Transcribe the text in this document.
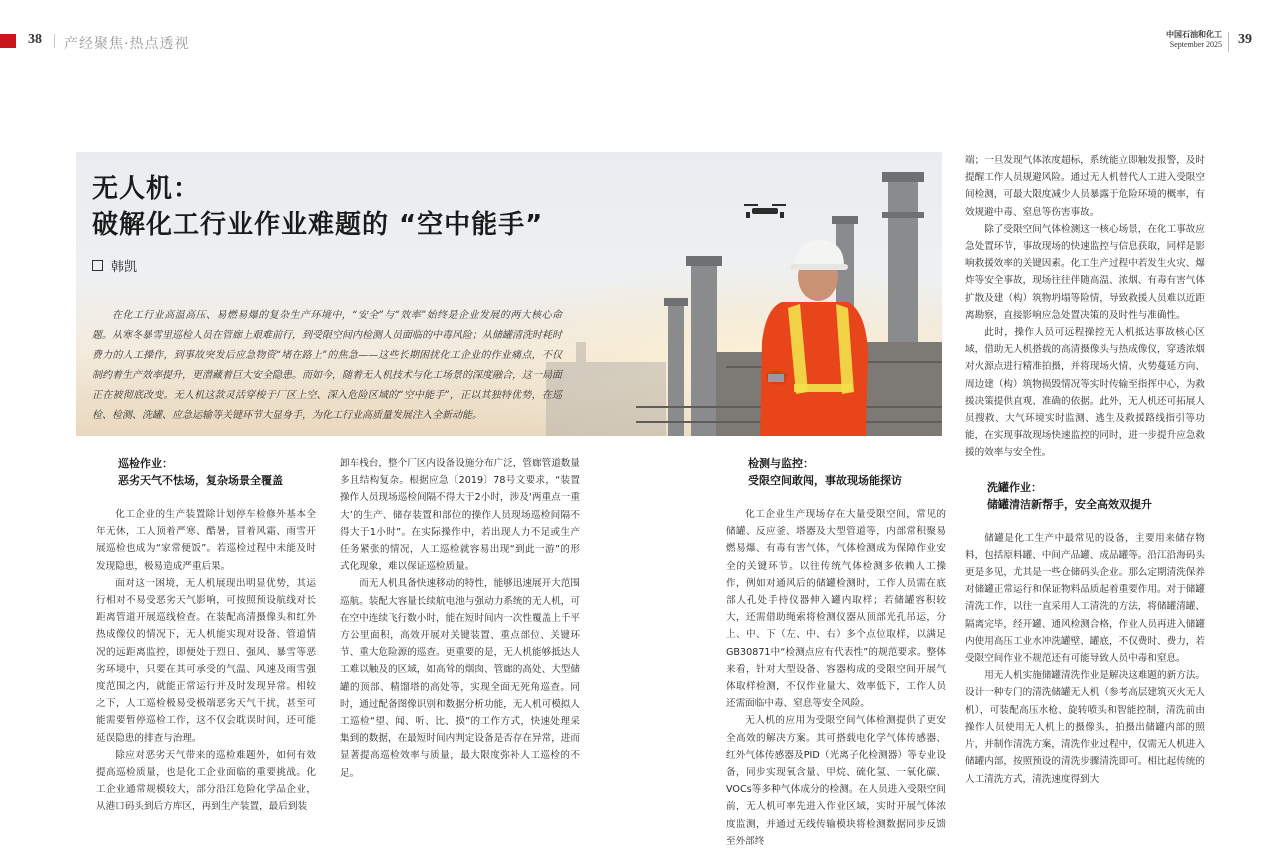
38 产经聚焦·热点透视
中国石油和化工
September 2025 39
无人机：
破解化工行业作业难题的 “空中能手”
韩凯
在化工行业高温高压、易燃易爆的复杂生产环境中，“安全”与“效率”始终是企业发展的两大核心命题。从寒冬暴雪里巡检人员在管廊上艰难前行，到受限空间内检测人员面临的中毒风险；从储罐清洗时耗时费力的人工操作，到事故突发后应急物资“堵在路上”的焦急——这些长期困扰化工企业的作业痛点，不仅制约着生产效率提升，更潜藏着巨大安全隐患。而如今，随着无人机技术与化工场景的深度融合，这一局面正在被彻底改变。无人机这款灵活穿梭于厂区上空、深入危险区域的“空中能手”，正以其独特优势，在巡检、检测、洗罐、应急运输等关键环节大显身手，为化工行业高质量发展注入全新动能。

巡检作业：

恶劣天气不怯场，复杂场景全覆盖

化工企业的生产装置除计划停车检修外基本全年无休，工人顶着严寒、酷暑，冒着风霜、雨雪开展巡检也成为“家常便饭”。若巡检过程中未能及时发现隐患，极易造成严重后果。

面对这一困境，无人机展现出明显优势，其运行相对不易受恶劣天气影响，可按照预设航线对长距离管道开展巡线检查。在装配高清摄像头和红外热成像仪的情况下，无人机能实现对设备、管道情况的远距离监控，即便处于烈日、强风、暴雪等恶劣环境中，只要在其可承受的气温、风速及雨雪强度范围之内，就能正常运行并及时发现异常。相较之下，人工巡检极易受极端恶劣天气干扰，甚至可能需要暂停巡检工作，这不仅会耽误时间，还可能延误隐患的排查与治理。

除应对恶劣天气带来的巡检难题外，如何有效提高巡检质量，也是化工企业面临的重要挑战。化工企业通常规模较大，部分沿江危险化学品企业，从港口码头到后方库区，再到生产装置，最后到装

卸车栈台，整个厂区内设备设施分布广泛，管廊管道数量多且结构复杂。根据应急〔2019〕78号文要求，“装置操作人员现场巡检间隔不得大于2小时，涉及‘两重点一重大’的生产、储存装置和部位的操作人员现场巡检间隔不得大于1小时”。在实际操作中，若出现人力不足或生产任务紧张的情况，人工巡检就容易出现“到此一游”的形式化现象，难以保证巡检质量。

而无人机具备快速移动的特性，能够迅速展开大范围巡航。装配大容量长续航电池与强动力系统的无人机，可在空中连续飞行数小时，能在短时间内一次性覆盖上千平方公里面积，高效开展对关键装置、重点部位、关键环节、重大危险源的巡查。更重要的是，无人机能够抵达人工难以触及的区域，如高耸的烟囱、管廊的高处、大型储罐的顶部、精馏塔的高处等，实现全面无死角巡查。同时，通过配备图像识别和数据分析功能，无人机可模拟人工巡检“望、闻、听、比、摸”的工作方式，快速处理采集到的数据，在最短时间内判定设备是否存在异常，进而显著提高巡检效率与质量，最大限度弥补人工巡检的不足。

检测与监控：

受限空间敢闯，事故现场能探访

化工企业生产现场存在大量受限空间，常见的储罐、反应釜、塔器及大型管道等，内部常积聚易燃易爆、有毒有害气体，气体检测成为保障作业安全的关键环节。以往传统气体检测多依赖人工操作，例如对通风后的储罐检测时，工作人员需在底部人孔处手持仪器伸入罐内取样；若储罐容积较大，还需借助绳索将检测仪器从顶部光孔吊运，分上、中、下（左、中、右）多个点位取样，以满足GB30871中“检测点应有代表性”的规范要求。整体来看，针对大型设备、容器构成的受限空间开展气体取样检测，不仅作业量大、效率低下，工作人员还需面临中毒、窒息等安全风险。

无人机的应用为受限空间气体检测提供了更安全高效的解决方案。其可搭载电化学气体传感器、红外气体传感器及PID（光离子化检测器）等专业设备，同步实现氧含量、甲烷、硫化氢、一氧化碳、VOCs等多种气体成分的检测。在人员进入受限空间前，无人机可率先进入作业区域，实时开展气体浓度监测，并通过无线传输模块将检测数据同步反馈至外部终

端；一旦发现气体浓度超标，系统能立即触发报警，及时提醒工作人员规避风险。通过无人机替代人工进入受限空间检测，可最大限度减少人员暴露于危险环境的概率，有效规避中毒、窒息等伤害事故。

除了受限空间气体检测这一核心场景，在化工事故应急处置环节，事故现场的快速监控与信息获取，同样是影响救援效率的关键因素。化工生产过程中若发生火灾、爆炸等安全事故，现场往往伴随高温、浓烟、有毒有害气体扩散及建（构）筑物坍塌等险情，导致救援人员难以近距离勘察，直接影响应急处置决策的及时性与准确性。

此时，操作人员可远程操控无人机抵达事故核心区域，借助无人机搭载的高清摄像头与热成像仪，穿透浓烟对火源点进行精准拍摄，并将现场火情、火势蔓延方向、周边建（构）筑物损毁情况等实时传输至指挥中心，为救援决策提供直观、准确的依据。此外，无人机还可拓展人员搜救、大气环境实时监测、逃生及救援路线指引等功能，在实现事故现场快速监控的同时，进一步提升应急救援的效率与安全性。

洗罐作业：

储罐清洁新帮手，安全高效双提升

储罐是化工生产中最常见的设备，主要用来储存物料，包括原料罐、中间产品罐、成品罐等。沿江沿海码头更是多见，尤其是一些仓储码头企业。那么定期清洗保养对储罐正常运行和保证物料品质起着重要作用。对于储罐清洗工作，以往一直采用人工清洗的方法，将储罐清罐、隔离完毕，经开罐、通风检测合格，作业人员再进入储罐内使用高压工业水冲洗罐壁、罐底，不仅费时、费力，若受限空间作业不规范还有可能导致人员中毒和窒息。

用无人机实施储罐清洗作业是解决这难题的新方法。设计一种专门的清洗储罐无人机（参考高层建筑灭火无人机），可装配高压水枪、旋转喷头和智能控制，清洗前由操作人员使用无人机上的摄像头，拍摄出储罐内部的照片，并制作清洗方案，清洗作业过程中，仅需无人机进入储罐内部，按照预设的清洗步骤清洗即可。相比起传统的人工清洗方式，清洗速度得到大
